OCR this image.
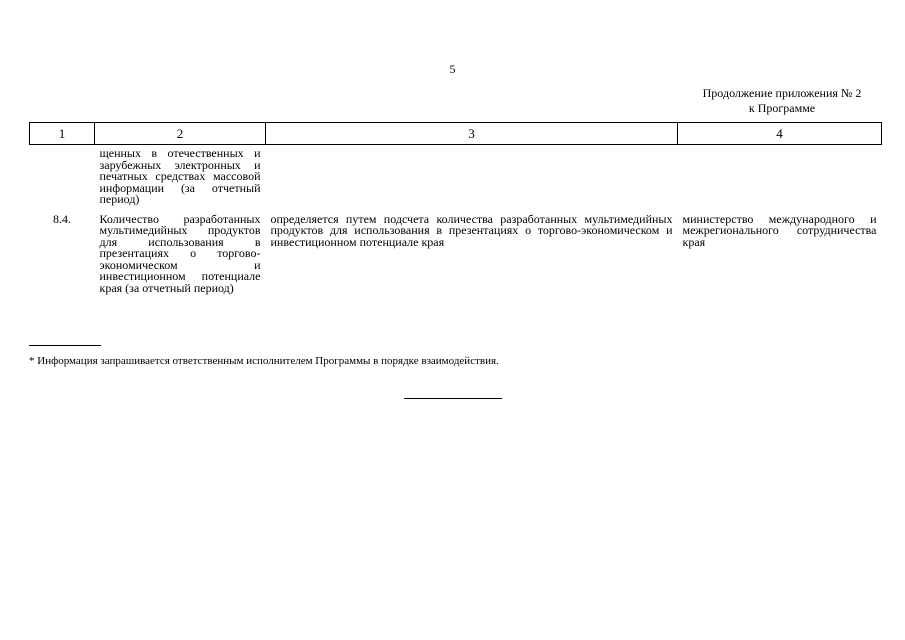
5
Продолжение приложения № 2
к Программе
1	2	3	4
	щенных в отечественных и зарубежных электронных и печатных средствах массовой информации (за отчетный период)		
8.4.	Количество разработанных мультимедийных продуктов для использования в презентациях о торгово-экономическом и инвестиционном потенциале края (за отчетный период)	определяется путем подсчета количества разработанных мультимедийных продуктов для использования в презентациях о торгово-экономическом и инвестиционном потенциале края	министерство международного и межрегионального сотрудничества края
* Информация запрашивается ответственным исполнителем Программы в порядке взаимодействия.
